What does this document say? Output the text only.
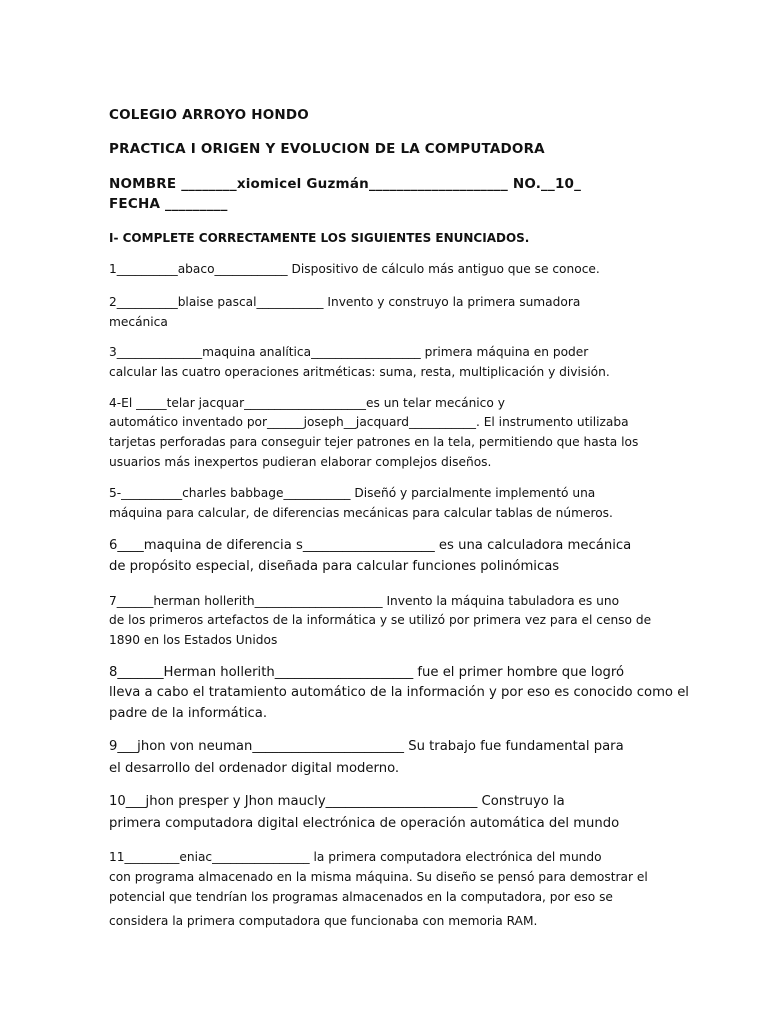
COLEGIO ARROYO HONDO
PRACTICA I ORIGEN Y EVOLUCION DE LA COMPUTADORA
NOMBRE ________xiomicel Guzmán____________________ NO.__10_
FECHA _________
I- COMPLETE CORRECTAMENTE LOS SIGUIENTES ENUNCIADOS.
1__________abaco____________ Dispositivo de cálculo más antiguo que se conoce.
2__________blaise pascal___________ Invento y construyo la primera sumadora
mecánica
3______________maquina analítica__________________ primera máquina en poder
calcular las cuatro operaciones aritméticas: suma, resta, multiplicación y división.
4-El _____telar jacquar____________________es un telar mecánico y
automático inventado por______joseph__jacquard___________. El instrumento utilizaba
tarjetas perforadas para conseguir tejer patrones en la tela, permitiendo que hasta los
usuarios más inexpertos pudieran elaborar complejos diseños.
5-__________charles babbage___________ Diseñó y parcialmente implementó una
máquina para calcular, de diferencias mecánicas para calcular tablas de números.
6____maquina de diferencia s____________________ es una calculadora mecánica
de propósito especial, diseñada para calcular funciones polinómicas
7______herman hollerith_____________________ Invento la máquina tabuladora es uno
de los primeros artefactos de la informática y se utilizó por primera vez para el censo de
1890 en los Estados Unidos
8_______Herman hollerith_____________________ fue el primer hombre que logró
lleva a cabo el tratamiento automático de la información y por eso es conocido como el
padre de la informática.
9___jhon von neuman_______________________ Su trabajo fue fundamental para
el desarrollo del ordenador digital moderno.
10___jhon presper y Jhon maucly_______________________ Construyo la
primera computadora digital electrónica de operación automática del mundo
11_________eniac________________ la primera computadora electrónica del mundo
con programa almacenado en la misma máquina. Su diseño se pensó para demostrar el
potencial que tendrían los programas almacenados en la computadora, por eso se
considera la primera computadora que funcionaba con memoria RAM.
